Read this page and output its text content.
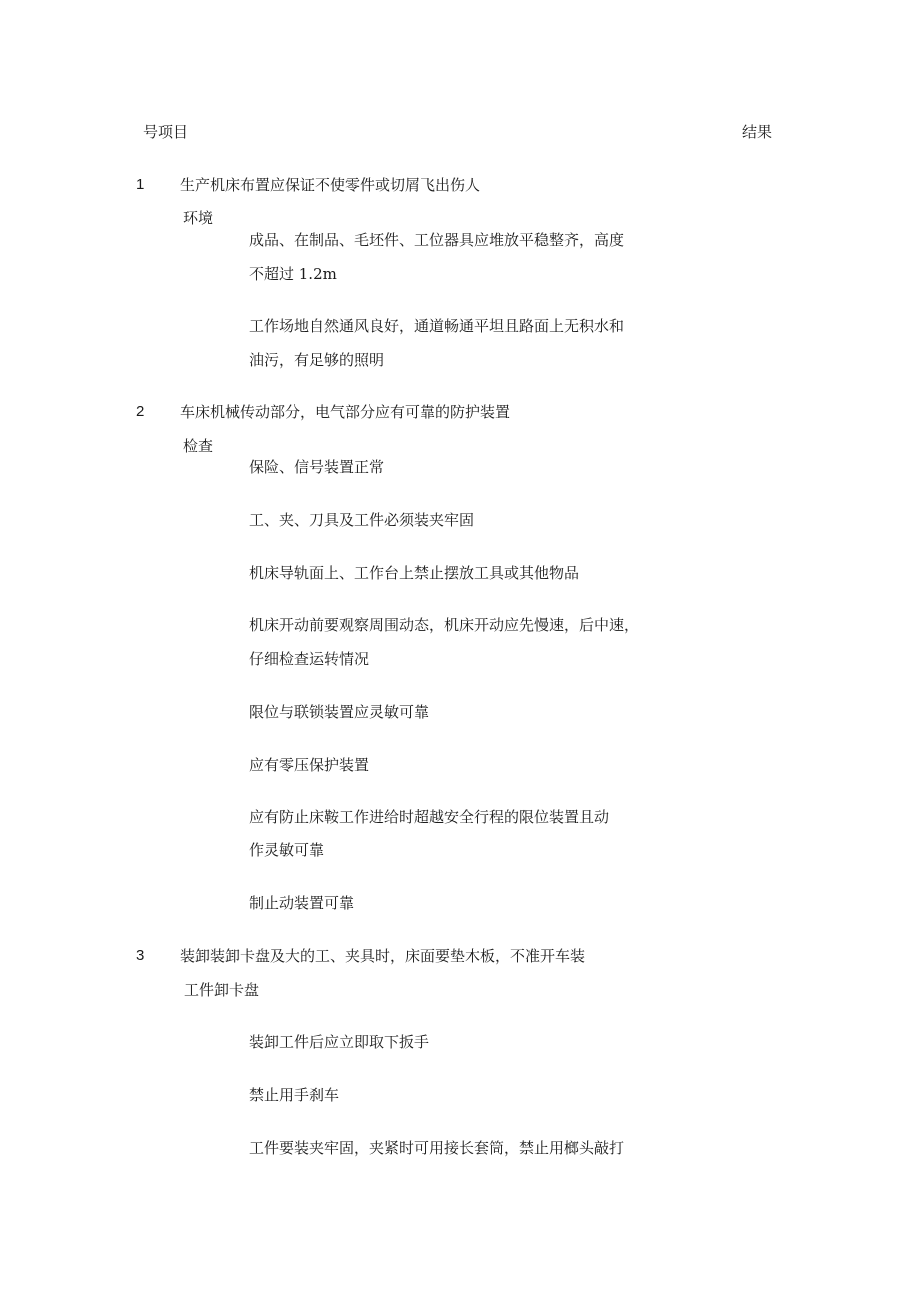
号项目	结果
1 生产机床布置应保证不使零件或切屑飞出伤人
环境
成品、在制品、毛坯件、工位器具应堆放平稳整齐，高度
不超过 1.2m
工作场地自然通风良好，通道畅通平坦且路面上无积水和
油污，有足够的照明
2 车床机械传动部分，电气部分应有可靠的防护装置
检查
保险、信号装置正常
工、夹、刀具及工件必须装夹牢固
机床导轨面上、工作台上禁止摆放工具或其他物品
机床开动前要观察周围动态，机床开动应先慢速，后中速，
仔细检查运转情况
限位与联锁装置应灵敏可靠
应有零压保护装置
应有防止床鞍工作进给时超越安全行程的限位装置且动
作灵敏可靠
制止动装置可靠
3 装卸装卸卡盘及大的工、夹具时，床面要垫木板，不准开车装
工件卸卡盘
装卸工件后应立即取下扳手
禁止用手刹车
工件要装夹牢固，夹紧时可用接长套筒，禁止用榔头敲打
